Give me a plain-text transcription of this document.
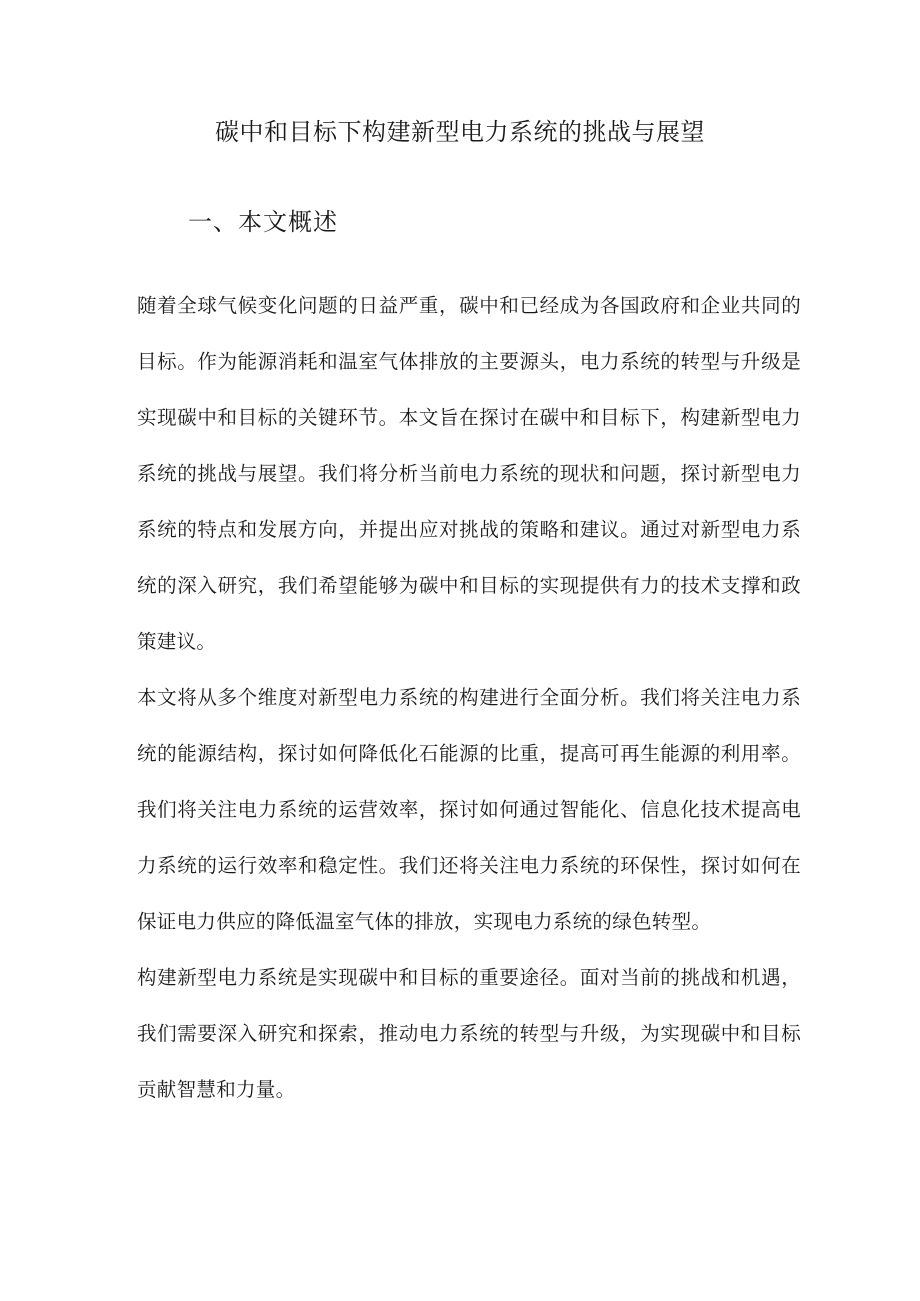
碳中和目标下构建新型电力系统的挑战与展望
一、本文概述

随着全球气候变化问题的日益严重，碳中和已经成为各国政府和企业共同的目标。作为能源消耗和温室气体排放的主要源头，电力系统的转型与升级是实现碳中和目标的关键环节。本文旨在探讨在碳中和目标下，构建新型电力系统的挑战与展望。我们将分析当前电力系统的现状和问题，探讨新型电力系统的特点和发展方向，并提出应对挑战的策略和建议。通过对新型电力系统的深入研究，我们希望能够为碳中和目标的实现提供有力的技术支撑和政策建议。

本文将从多个维度对新型电力系统的构建进行全面分析。我们将关注电力系统的能源结构，探讨如何降低化石能源的比重，提高可再生能源的利用率。我们将关注电力系统的运营效率，探讨如何通过智能化、信息化技术提高电力系统的运行效率和稳定性。我们还将关注电力系统的环保性，探讨如何在保证电力供应的降低温室气体的排放，实现电力系统的绿色转型。

构建新型电力系统是实现碳中和目标的重要途径。面对当前的挑战和机遇，我们需要深入研究和探索，推动电力系统的转型与升级，为实现碳中和目标贡献智慧和力量。
